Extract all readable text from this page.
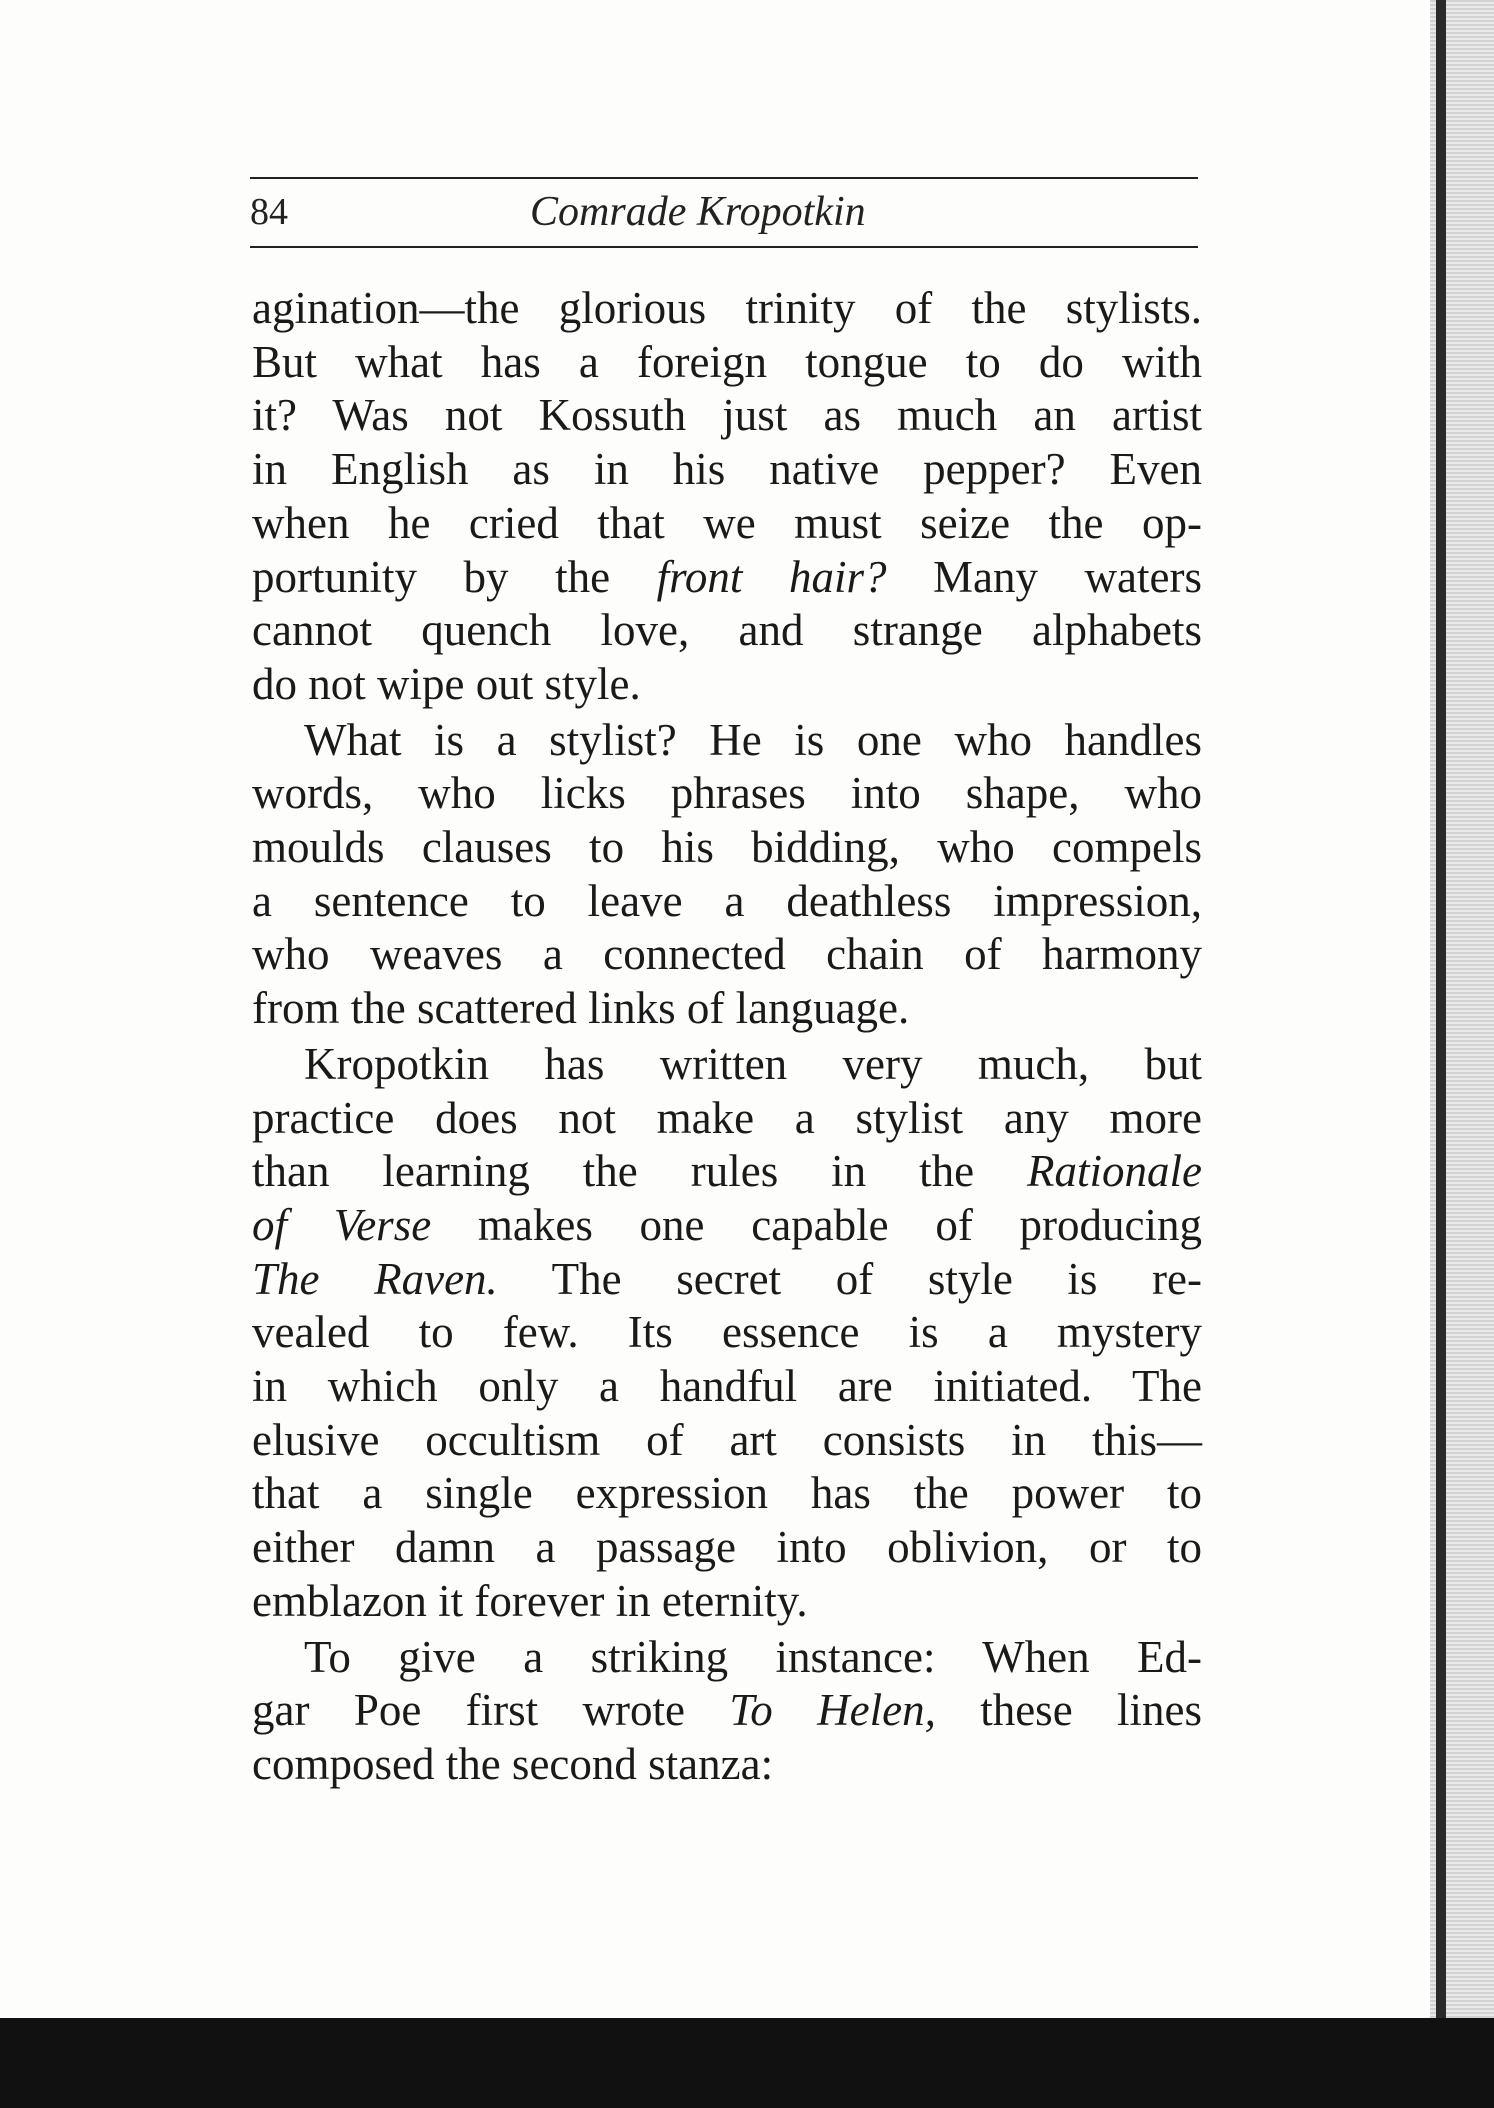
84	Comrade Kropotkin
agination—the glorious trinity of the stylists.
But what has a foreign tongue to do with
it? Was not Kossuth just as much an artist
in English as in his native pepper? Even
when he cried that we must seize the op-
portunity by the front hair? Many waters
cannot quench love, and strange alphabets
do not wipe out style.
What is a stylist? He is one who handles
words, who licks phrases into shape, who
moulds clauses to his bidding, who compels
a sentence to leave a deathless impression,
who weaves a connected chain of harmony
from the scattered links of language.
Kropotkin has written very much, but
practice does not make a stylist any more
than learning the rules in the Rationale
of Verse makes one capable of producing
The Raven. The secret of style is re-
vealed to few. Its essence is a mystery
in which only a handful are initiated. The
elusive occultism of art consists in this—
that a single expression has the power to
either damn a passage into oblivion, or to
emblazon it forever in eternity.
To give a striking instance: When Ed-
gar Poe first wrote To Helen, these lines
composed the second stanza:
